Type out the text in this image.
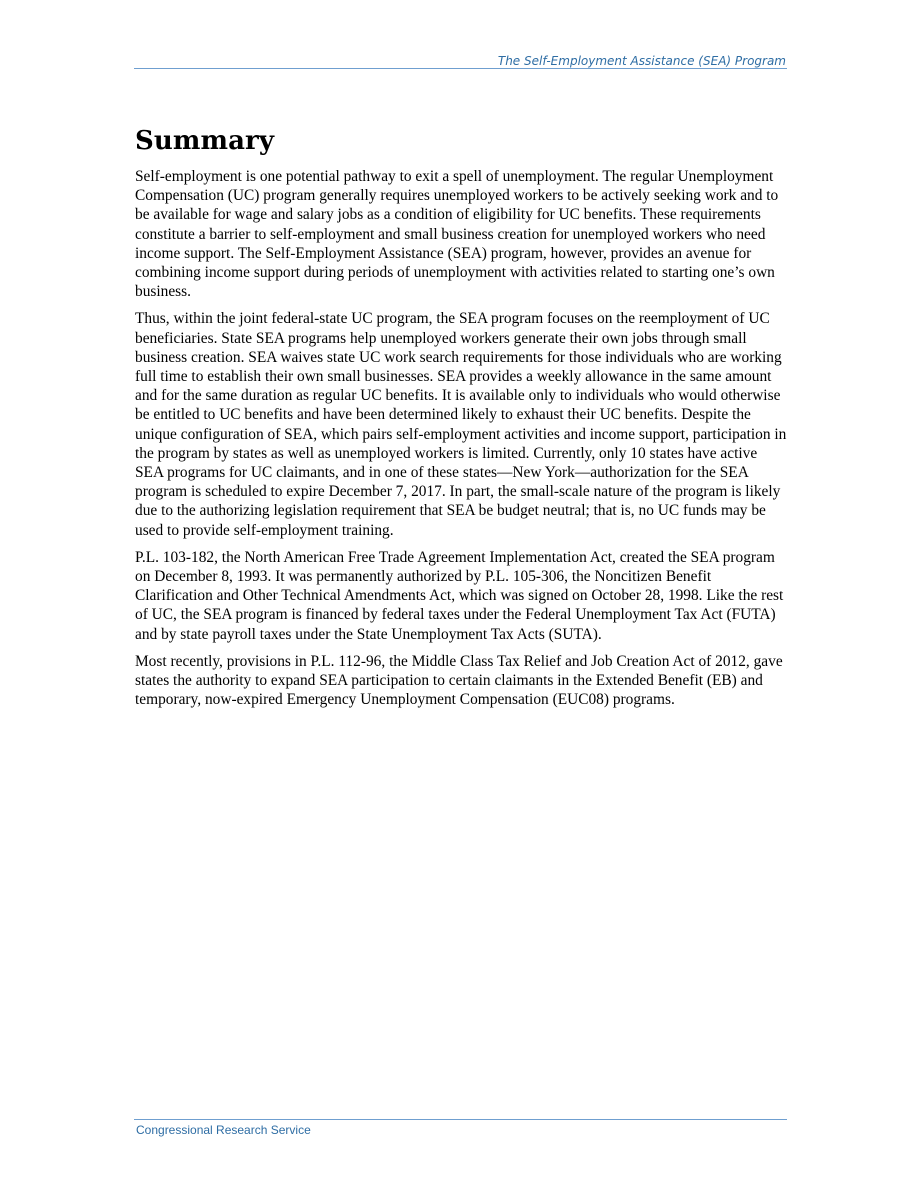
The Self-Employment Assistance (SEA) Program
Summary

Self-employment is one potential pathway to exit a spell of unemployment. The regular Unemployment Compensation (UC) program generally requires unemployed workers to be actively seeking work and to be available for wage and salary jobs as a condition of eligibility for UC benefits. These requirements constitute a barrier to self-employment and small business creation for unemployed workers who need income support. The Self-Employment Assistance (SEA) program, however, provides an avenue for combining income support during periods of unemployment with activities related to starting one’s own business.

Thus, within the joint federal-state UC program, the SEA program focuses on the reemployment of UC beneficiaries. State SEA programs help unemployed workers generate their own jobs through small business creation. SEA waives state UC work search requirements for those individuals who are working full time to establish their own small businesses. SEA provides a weekly allowance in the same amount and for the same duration as regular UC benefits. It is available only to individuals who would otherwise be entitled to UC benefits and have been determined likely to exhaust their UC benefits. Despite the unique configuration of SEA, which pairs self-employment activities and income support, participation in the program by states as well as unemployed workers is limited. Currently, only 10 states have active SEA programs for UC claimants, and in one of these states—New York—authorization for the SEA program is scheduled to expire December 7, 2017. In part, the small-scale nature of the program is likely due to the authorizing legislation requirement that SEA be budget neutral; that is, no UC funds may be used to provide self-employment training.

P.L. 103-182, the North American Free Trade Agreement Implementation Act, created the SEA program on December 8, 1993. It was permanently authorized by P.L. 105-306, the Noncitizen Benefit Clarification and Other Technical Amendments Act, which was signed on October 28, 1998. Like the rest of UC, the SEA program is financed by federal taxes under the Federal Unemployment Tax Act (FUTA) and by state payroll taxes under the State Unemployment Tax Acts (SUTA).

Most recently, provisions in P.L. 112-96, the Middle Class Tax Relief and Job Creation Act of 2012, gave states the authority to expand SEA participation to certain claimants in the Extended Benefit (EB) and temporary, now-expired Emergency Unemployment Compensation (EUC08) programs.

Congressional Research Service
